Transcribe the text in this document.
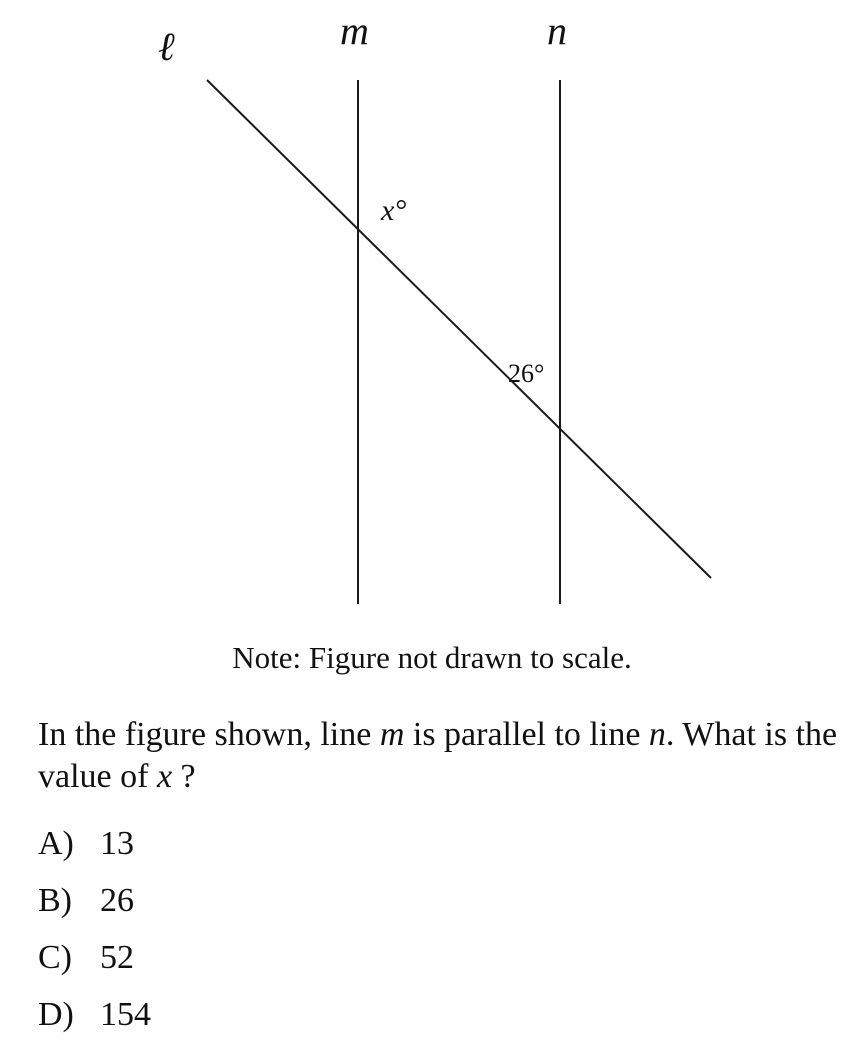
ℓ	m	n
x°
26°
Note: Figure not drawn to scale.
In the figure shown, line m is parallel to line n. What is the value of x ?
A) 13
B) 26
C) 52
D) 154
